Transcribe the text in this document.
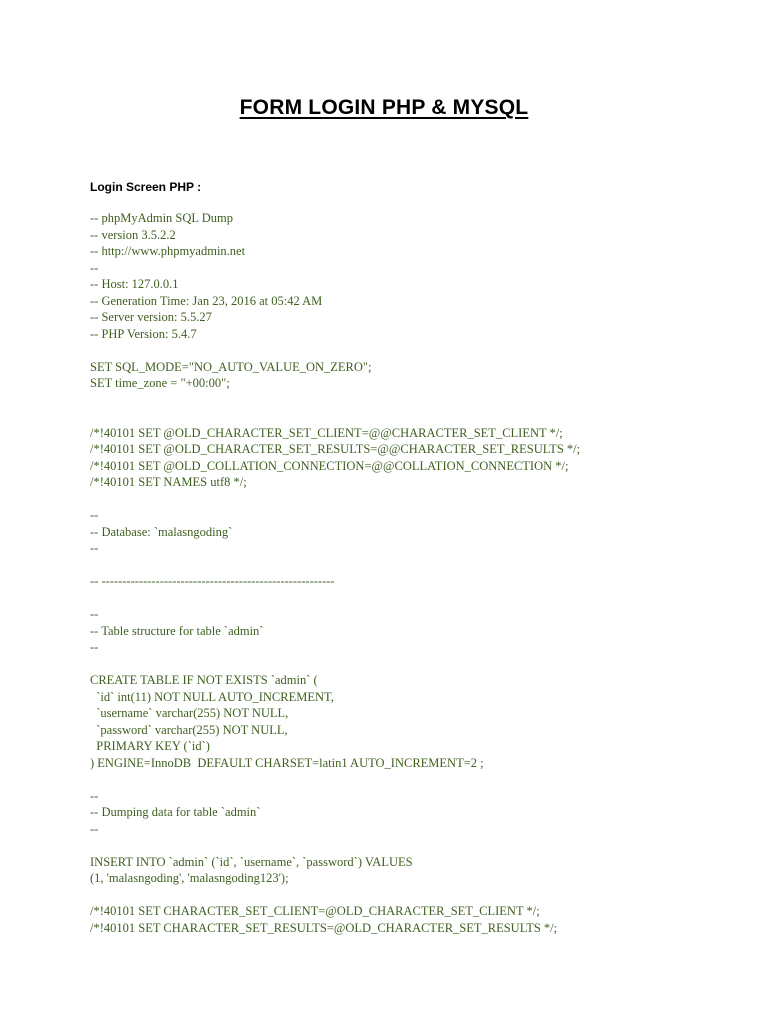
FORM LOGIN PHP & MYSQL

Login Screen PHP :

-- phpMyAdmin SQL Dump
-- version 3.5.2.2
-- http://www.phpmyadmin.net
--
-- Host: 127.0.0.1
-- Generation Time: Jan 23, 2016 at 05:42 AM
-- Server version: 5.5.27
-- PHP Version: 5.4.7
SET SQL_MODE="NO_AUTO_VALUE_ON_ZERO";
SET time_zone = "+00:00";
/*!40101 SET @OLD_CHARACTER_SET_CLIENT=@@CHARACTER_SET_CLIENT */;
/*!40101 SET @OLD_CHARACTER_SET_RESULTS=@@CHARACTER_SET_RESULTS */;
/*!40101 SET @OLD_COLLATION_CONNECTION=@@COLLATION_CONNECTION */;
/*!40101 SET NAMES utf8 */;
--
-- Database: `malasngoding`
--
-- --------------------------------------------------------
--
-- Table structure for table `admin`
--
CREATE TABLE IF NOT EXISTS `admin` (
`id` int(11) NOT NULL AUTO_INCREMENT,
`username` varchar(255) NOT NULL,
`password` varchar(255) NOT NULL,
PRIMARY KEY (`id`)
) ENGINE=InnoDB  DEFAULT CHARSET=latin1 AUTO_INCREMENT=2 ;
--
-- Dumping data for table `admin`
--
INSERT INTO `admin` (`id`, `username`, `password`) VALUES
(1, 'malasngoding', 'malasngoding123');
/*!40101 SET CHARACTER_SET_CLIENT=@OLD_CHARACTER_SET_CLIENT */;
/*!40101 SET CHARACTER_SET_RESULTS=@OLD_CHARACTER_SET_RESULTS */;
